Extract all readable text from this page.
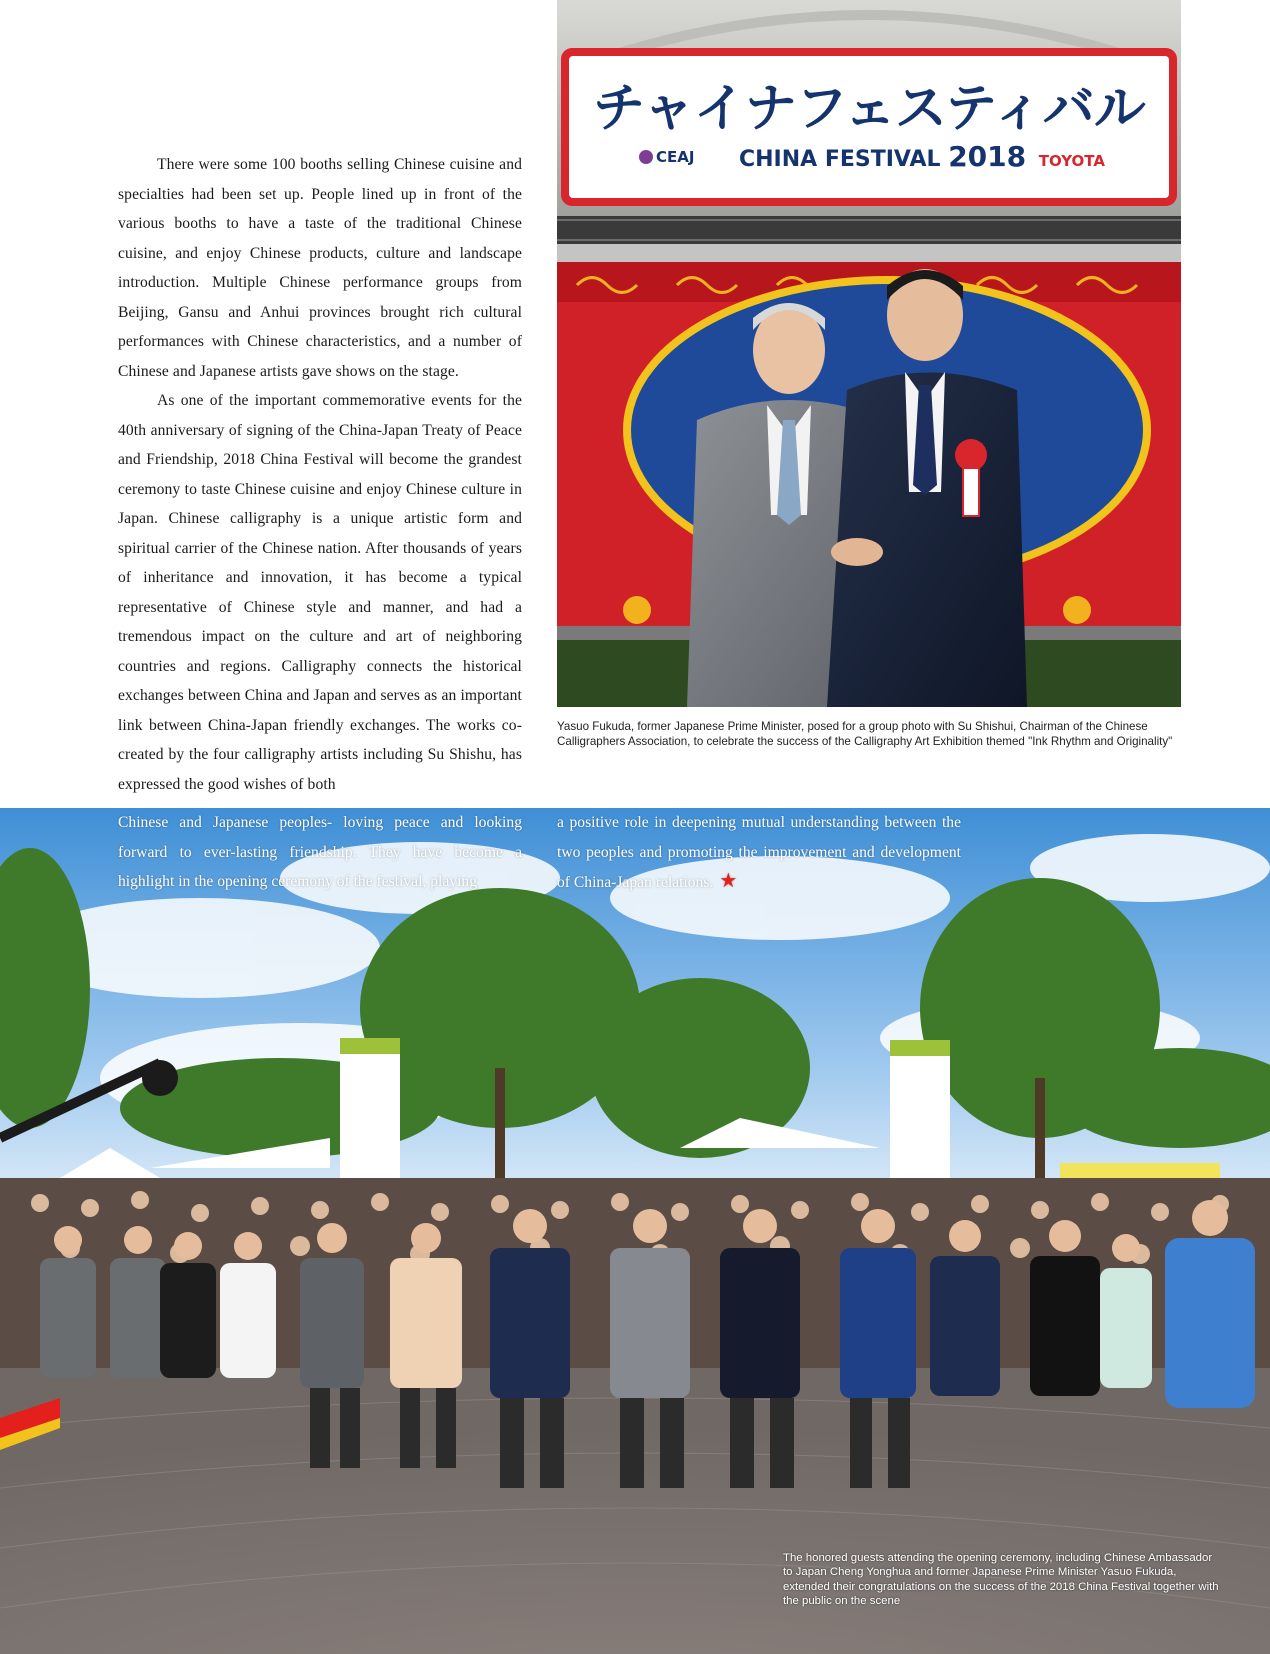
There were some 100 booths selling Chinese cuisine and specialties had been set up. People lined up in front of the various booths to have a taste of the traditional Chinese cuisine, and enjoy Chinese products, culture and landscape introduction. Multiple Chinese performance groups from Beijing, Gansu and Anhui provinces brought rich cultural performances with Chinese characteristics, and a number of Chinese and Japanese artists gave shows on the stage.

As one of the important commemorative events for the 40th anniversary of signing of the China-Japan Treaty of Peace and Friendship, 2018 China Festival will become the grandest ceremony to taste Chinese cuisine and enjoy Chinese culture in Japan. Chinese calligraphy is a unique artistic form and spiritual carrier of the Chinese nation. After thousands of years of inheritance and innovation, it has become a typical representative of Chinese style and manner, and had a tremendous impact on the culture and art of neighboring countries and regions. Calligraphy connects the historical exchanges between China and Japan and serves as an important link between China-Japan friendly exchanges. The works co-created by the four calligraphy artists including Su Shishu, has expressed the good wishes of both

チャイナフェスティバル
CEAJ CHINA FESTIVAL 2018 TOYOTA
Yasuo Fukuda, former Japanese Prime Minister, posed for a group photo with Su Shishui, Chairman of the Chinese Calligraphers Association, to celebrate the success of the Calligraphy Art Exhibition themed "Ink Rhythm and Originality"
Chinese and Japanese peoples- loving peace and looking forward to ever-lasting friendship. They have become a highlight in the opening ceremony of the festival, playing
a positive role in deepening mutual understanding between the two peoples and promoting the improvement and development of China-Japan relations. ★
The honored guests attending the opening ceremony, including Chinese Ambassador to Japan Cheng Yonghua and former Japanese Prime Minister Yasuo Fukuda, extended their congratulations on the success of the 2018 China Festival together with the public on the scene
